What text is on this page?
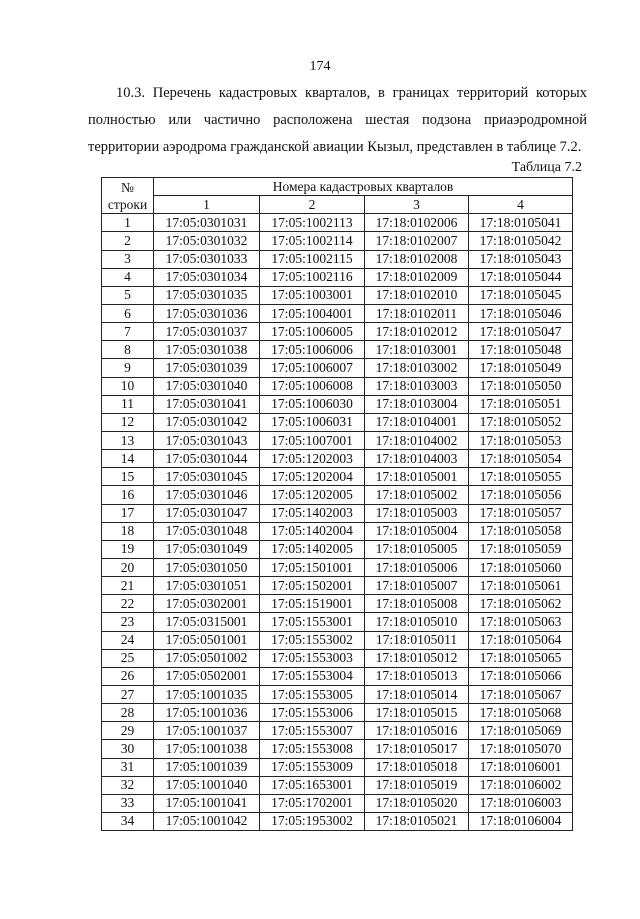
174
10.3. Перечень кадастровых кварталов, в границах территорий которых полностью или частично расположена шестая подзона приаэродромной территории аэродрома гражданской авиации Кызыл, представлен в таблице 7.2.
Таблица 7.2
№
строки	Номера кадастровых кварталов			
	1	2	3	4
1	17:05:0301031	17:05:1002113	17:18:0102006	17:18:0105041
2	17:05:0301032	17:05:1002114	17:18:0102007	17:18:0105042
3	17:05:0301033	17:05:1002115	17:18:0102008	17:18:0105043
4	17:05:0301034	17:05:1002116	17:18:0102009	17:18:0105044
5	17:05:0301035	17:05:1003001	17:18:0102010	17:18:0105045
6	17:05:0301036	17:05:1004001	17:18:0102011	17:18:0105046
7	17:05:0301037	17:05:1006005	17:18:0102012	17:18:0105047
8	17:05:0301038	17:05:1006006	17:18:0103001	17:18:0105048
9	17:05:0301039	17:05:1006007	17:18:0103002	17:18:0105049
10	17:05:0301040	17:05:1006008	17:18:0103003	17:18:0105050
11	17:05:0301041	17:05:1006030	17:18:0103004	17:18:0105051
12	17:05:0301042	17:05:1006031	17:18:0104001	17:18:0105052
13	17:05:0301043	17:05:1007001	17:18:0104002	17:18:0105053
14	17:05:0301044	17:05:1202003	17:18:0104003	17:18:0105054
15	17:05:0301045	17:05:1202004	17:18:0105001	17:18:0105055
16	17:05:0301046	17:05:1202005	17:18:0105002	17:18:0105056
17	17:05:0301047	17:05:1402003	17:18:0105003	17:18:0105057
18	17:05:0301048	17:05:1402004	17:18:0105004	17:18:0105058
19	17:05:0301049	17:05:1402005	17:18:0105005	17:18:0105059
20	17:05:0301050	17:05:1501001	17:18:0105006	17:18:0105060
21	17:05:0301051	17:05:1502001	17:18:0105007	17:18:0105061
22	17:05:0302001	17:05:1519001	17:18:0105008	17:18:0105062
23	17:05:0315001	17:05:1553001	17:18:0105010	17:18:0105063
24	17:05:0501001	17:05:1553002	17:18:0105011	17:18:0105064
25	17:05:0501002	17:05:1553003	17:18:0105012	17:18:0105065
26	17:05:0502001	17:05:1553004	17:18:0105013	17:18:0105066
27	17:05:1001035	17:05:1553005	17:18:0105014	17:18:0105067
28	17:05:1001036	17:05:1553006	17:18:0105015	17:18:0105068
29	17:05:1001037	17:05:1553007	17:18:0105016	17:18:0105069
30	17:05:1001038	17:05:1553008	17:18:0105017	17:18:0105070
31	17:05:1001039	17:05:1553009	17:18:0105018	17:18:0106001
32	17:05:1001040	17:05:1653001	17:18:0105019	17:18:0106002
33	17:05:1001041	17:05:1702001	17:18:0105020	17:18:0106003
34	17:05:1001042	17:05:1953002	17:18:0105021	17:18:0106004
